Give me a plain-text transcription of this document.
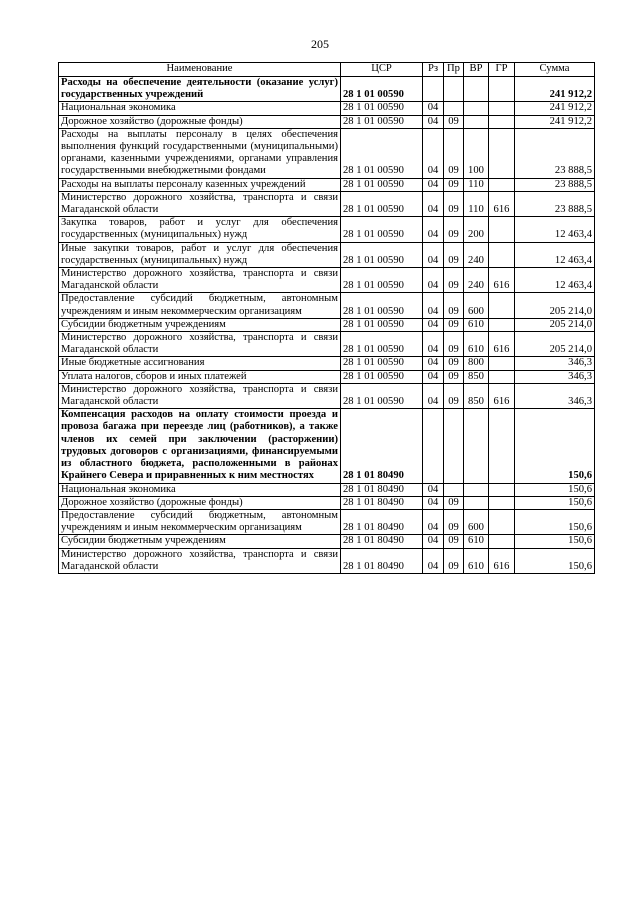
205
Наименование	ЦСР	Рз	Пр	ВР	ГР	Сумма
Расходы на обеспечение деятельности (оказание услуг) государственных учреждений	28 1 01 00590					241 912,2
Национальная экономика	28 1 01 00590	04				241 912,2
Дорожное хозяйство (дорожные фонды)	28 1 01 00590	04	09			241 912,2
Расходы на выплаты персоналу в целях обеспечения выполнения функций государственными (муниципальными) органами, казенными учреждениями, органами управления государственными внебюджетными фондами	28 1 01 00590	04	09	100		23 888,5
Расходы на выплаты персоналу казенных учреждений	28 1 01 00590	04	09	110		23 888,5
Министерство дорожного хозяйства, транспорта и связи Магаданской области	28 1 01 00590	04	09	110	616	23 888,5
Закупка товаров, работ и услуг для обеспечения государственных (муниципальных) нужд	28 1 01 00590	04	09	200		12 463,4
Иные закупки товаров, работ и услуг для обеспечения государственных (муниципальных) нужд	28 1 01 00590	04	09	240		12 463,4
Министерство дорожного хозяйства, транспорта и связи Магаданской области	28 1 01 00590	04	09	240	616	12 463,4
Предоставление субсидий бюджетным, автономным учреждениям и иным некоммерческим организациям	28 1 01 00590	04	09	600		205 214,0
Субсидии бюджетным учреждениям	28 1 01 00590	04	09	610		205 214,0
Министерство дорожного хозяйства, транспорта и связи Магаданской области	28 1 01 00590	04	09	610	616	205 214,0
Иные бюджетные ассигнования	28 1 01 00590	04	09	800		346,3
Уплата налогов, сборов и иных платежей	28 1 01 00590	04	09	850		346,3
Министерство дорожного хозяйства, транспорта и связи Магаданской области	28 1 01 00590	04	09	850	616	346,3
Компенсация расходов на оплату стоимости проезда и провоза багажа при переезде лиц (работников), а также членов их семей при заключении (расторжении) трудовых договоров с организациями, финансируемыми из областного бюджета, расположенными в районах Крайнего Севера и приравненных к ним местностях	28 1 01 80490					150,6
Национальная экономика	28 1 01 80490	04				150,6
Дорожное хозяйство (дорожные фонды)	28 1 01 80490	04	09			150,6
Предоставление субсидий бюджетным, автономным учреждениям и иным некоммерческим организациям	28 1 01 80490	04	09	600		150,6
Субсидии бюджетным учреждениям	28 1 01 80490	04	09	610		150,6
Министерство дорожного хозяйства, транспорта и связи Магаданской области	28 1 01 80490	04	09	610	616	150,6
